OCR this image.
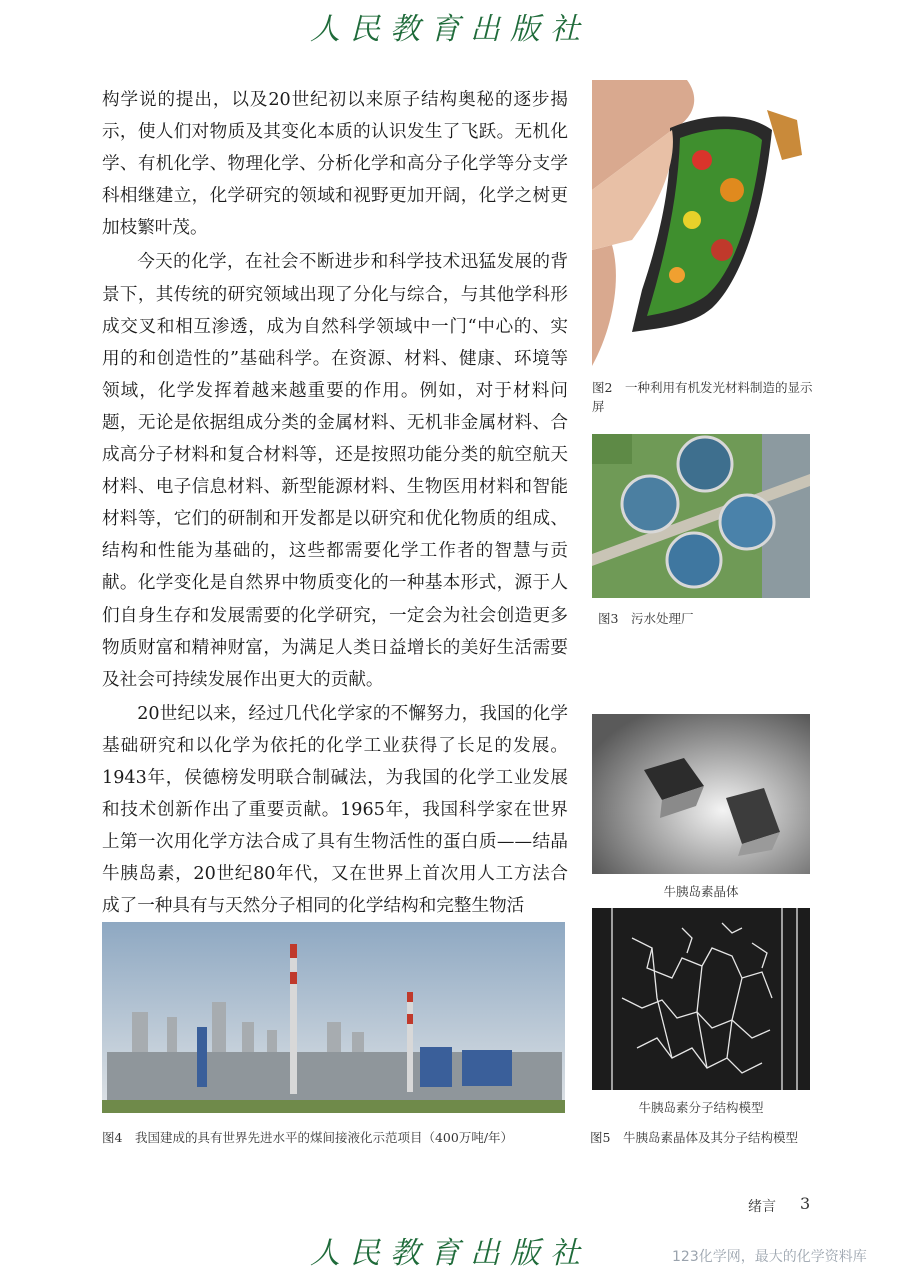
人民教育出版社

构学说的提出，以及20世纪初以来原子结构奥秘的逐步揭示，使人们对物质及其变化本质的认识发生了飞跃。无机化学、有机化学、物理化学、分析化学和高分子化学等分支学科相继建立，化学研究的领域和视野更加开阔，化学之树更加枝繁叶茂。

今天的化学，在社会不断进步和科学技术迅猛发展的背景下，其传统的研究领域出现了分化与综合，与其他学科形成交叉和相互渗透，成为自然科学领域中一门“中心的、实用的和创造性的”基础科学。在资源、材料、健康、环境等领域，化学发挥着越来越重要的作用。例如，对于材料问题，无论是依据组成分类的金属材料、无机非金属材料、合成高分子材料和复合材料等，还是按照功能分类的航空航天材料、电子信息材料、新型能源材料、生物医用材料和智能材料等，它们的研制和开发都是以研究和优化物质的组成、结构和性能为基础的，这些都需要化学工作者的智慧与贡献。化学变化是自然界中物质变化的一种基本形式，源于人们自身生存和发展需要的化学研究，一定会为社会创造更多物质财富和精神财富，为满足人类日益增长的美好生活需要及社会可持续发展作出更大的贡献。

20世纪以来，经过几代化学家的不懈努力，我国的化学基础研究和以化学为依托的化学工业获得了长足的发展。1943年，侯德榜发明联合制碱法，为我国的化学工业发展和技术创新作出了重要贡献。1965年，我国科学家在世界上第一次用化学方法合成了具有生物活性的蛋白质——结晶牛胰岛素，20世纪80年代，又在世界上首次用人工方法合成了一种具有与天然分子相同的化学结构和完整生物活

图2　一种利用有机发光材料制造的显示屏
图3　污水处理厂
牛胰岛素晶体
牛胰岛素分子结构模型
图4　我国建成的具有世界先进水平的煤间接液化示范项目（400万吨/年）	图5　牛胰岛素晶体及其分子结构模型
绪言 3
人民教育出版社	123化学网，最大的化学资料库
